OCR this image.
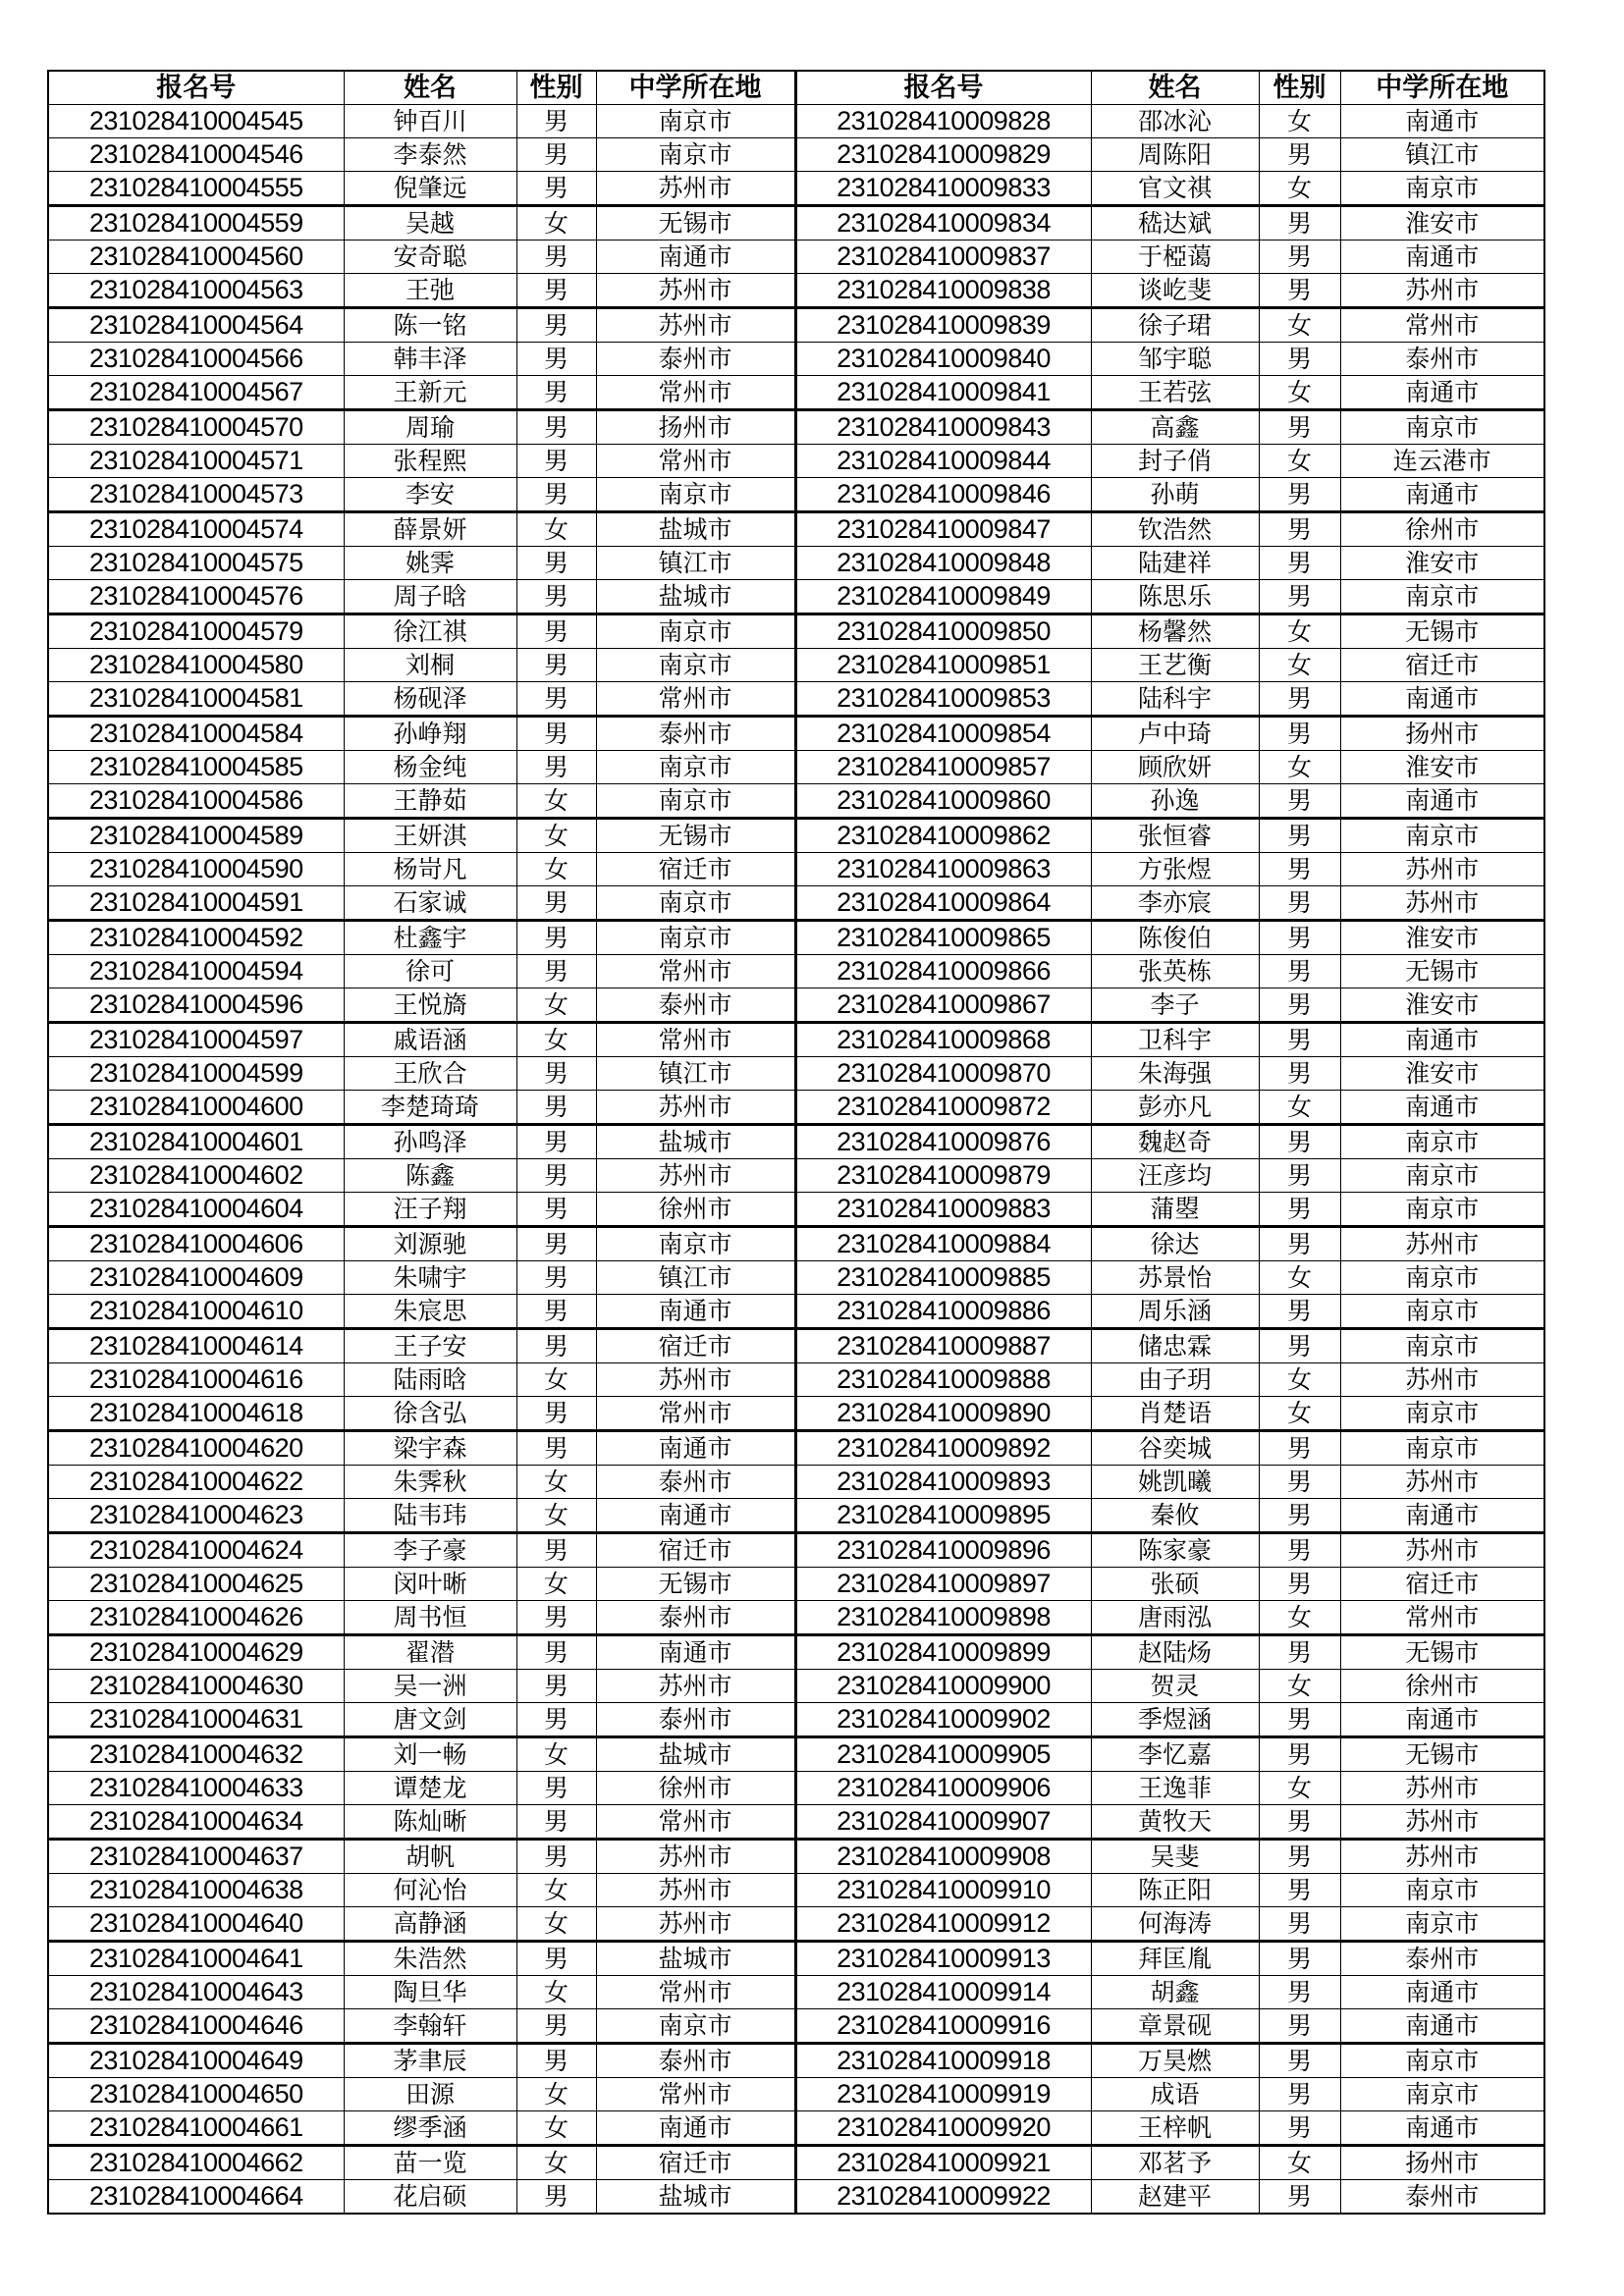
报名号	姓名	性别	中学所在地	报名号	姓名	性别	中学所在地
231028410004545	钟百川	男	南京市	231028410009828	邵冰沁	女	南通市
231028410004546	李泰然	男	南京市	231028410009829	周陈阳	男	镇江市
231028410004555	倪肇远	男	苏州市	231028410009833	官文祺	女	南京市
231028410004559	吴越	女	无锡市	231028410009834	嵇达斌	男	淮安市
231028410004560	安奇聪	男	南通市	231028410009837	于椏蔼	男	南通市
231028410004563	王弛	男	苏州市	231028410009838	谈屹斐	男	苏州市
231028410004564	陈一铭	男	苏州市	231028410009839	徐子珺	女	常州市
231028410004566	韩丰泽	男	泰州市	231028410009840	邹宇聪	男	泰州市
231028410004567	王新元	男	常州市	231028410009841	王若弦	女	南通市
231028410004570	周瑜	男	扬州市	231028410009843	高鑫	男	南京市
231028410004571	张程熙	男	常州市	231028410009844	封子俏	女	连云港市
231028410004573	李安	男	南京市	231028410009846	孙萌	男	南通市
231028410004574	薛景妍	女	盐城市	231028410009847	钦浩然	男	徐州市
231028410004575	姚霁	男	镇江市	231028410009848	陆建祥	男	淮安市
231028410004576	周子晗	男	盐城市	231028410009849	陈思乐	男	南京市
231028410004579	徐江祺	男	南京市	231028410009850	杨馨然	女	无锡市
231028410004580	刘桐	男	南京市	231028410009851	王艺衡	女	宿迁市
231028410004581	杨砚泽	男	常州市	231028410009853	陆科宇	男	南通市
231028410004584	孙峥翔	男	泰州市	231028410009854	卢中琦	男	扬州市
231028410004585	杨金纯	男	南京市	231028410009857	顾欣妍	女	淮安市
231028410004586	王静茹	女	南京市	231028410009860	孙逸	男	南通市
231028410004589	王妍淇	女	无锡市	231028410009862	张恒睿	男	南京市
231028410004590	杨岢凡	女	宿迁市	231028410009863	方张煜	男	苏州市
231028410004591	石家诚	男	南京市	231028410009864	李亦宸	男	苏州市
231028410004592	杜鑫宇	男	南京市	231028410009865	陈俊伯	男	淮安市
231028410004594	徐可	男	常州市	231028410009866	张英栋	男	无锡市
231028410004596	王悦旖	女	泰州市	231028410009867	李子	男	淮安市
231028410004597	戚语涵	女	常州市	231028410009868	卫科宇	男	南通市
231028410004599	王欣合	男	镇江市	231028410009870	朱海强	男	淮安市
231028410004600	李楚琦琦	男	苏州市	231028410009872	彭亦凡	女	南通市
231028410004601	孙鸣泽	男	盐城市	231028410009876	魏赵奇	男	南京市
231028410004602	陈鑫	男	苏州市	231028410009879	汪彦均	男	南京市
231028410004604	汪子翔	男	徐州市	231028410009883	蒲曌	男	南京市
231028410004606	刘源驰	男	南京市	231028410009884	徐达	男	苏州市
231028410004609	朱啸宇	男	镇江市	231028410009885	苏景怡	女	南京市
231028410004610	朱宸思	男	南通市	231028410009886	周乐涵	男	南京市
231028410004614	王子安	男	宿迁市	231028410009887	储忠霖	男	南京市
231028410004616	陆雨晗	女	苏州市	231028410009888	由子玥	女	苏州市
231028410004618	徐含弘	男	常州市	231028410009890	肖楚语	女	南京市
231028410004620	梁宇森	男	南通市	231028410009892	谷奕城	男	南京市
231028410004622	朱霁秋	女	泰州市	231028410009893	姚凯曦	男	苏州市
231028410004623	陆韦玮	女	南通市	231028410009895	秦攸	男	南通市
231028410004624	李子豪	男	宿迁市	231028410009896	陈家豪	男	苏州市
231028410004625	闵叶晰	女	无锡市	231028410009897	张硕	男	宿迁市
231028410004626	周书恒	男	泰州市	231028410009898	唐雨泓	女	常州市
231028410004629	翟潜	男	南通市	231028410009899	赵陆炀	男	无锡市
231028410004630	吴一洲	男	苏州市	231028410009900	贺灵	女	徐州市
231028410004631	唐文剑	男	泰州市	231028410009902	季煜涵	男	南通市
231028410004632	刘一畅	女	盐城市	231028410009905	李忆嘉	男	无锡市
231028410004633	谭楚龙	男	徐州市	231028410009906	王逸菲	女	苏州市
231028410004634	陈灿晰	男	常州市	231028410009907	黄牧天	男	苏州市
231028410004637	胡帆	男	苏州市	231028410009908	吴斐	男	苏州市
231028410004638	何沁怡	女	苏州市	231028410009910	陈正阳	男	南京市
231028410004640	高静涵	女	苏州市	231028410009912	何海涛	男	南京市
231028410004641	朱浩然	男	盐城市	231028410009913	拜匡胤	男	泰州市
231028410004643	陶旦华	女	常州市	231028410009914	胡鑫	男	南通市
231028410004646	李翰轩	男	南京市	231028410009916	章景砚	男	南通市
231028410004649	茅聿辰	男	泰州市	231028410009918	万昊燃	男	南京市
231028410004650	田源	女	常州市	231028410009919	成语	男	南京市
231028410004661	缪季涵	女	南通市	231028410009920	王梓帆	男	南通市
231028410004662	苗一览	女	宿迁市	231028410009921	邓茗予	女	扬州市
231028410004664	花启硕	男	盐城市	231028410009922	赵建平	男	泰州市
